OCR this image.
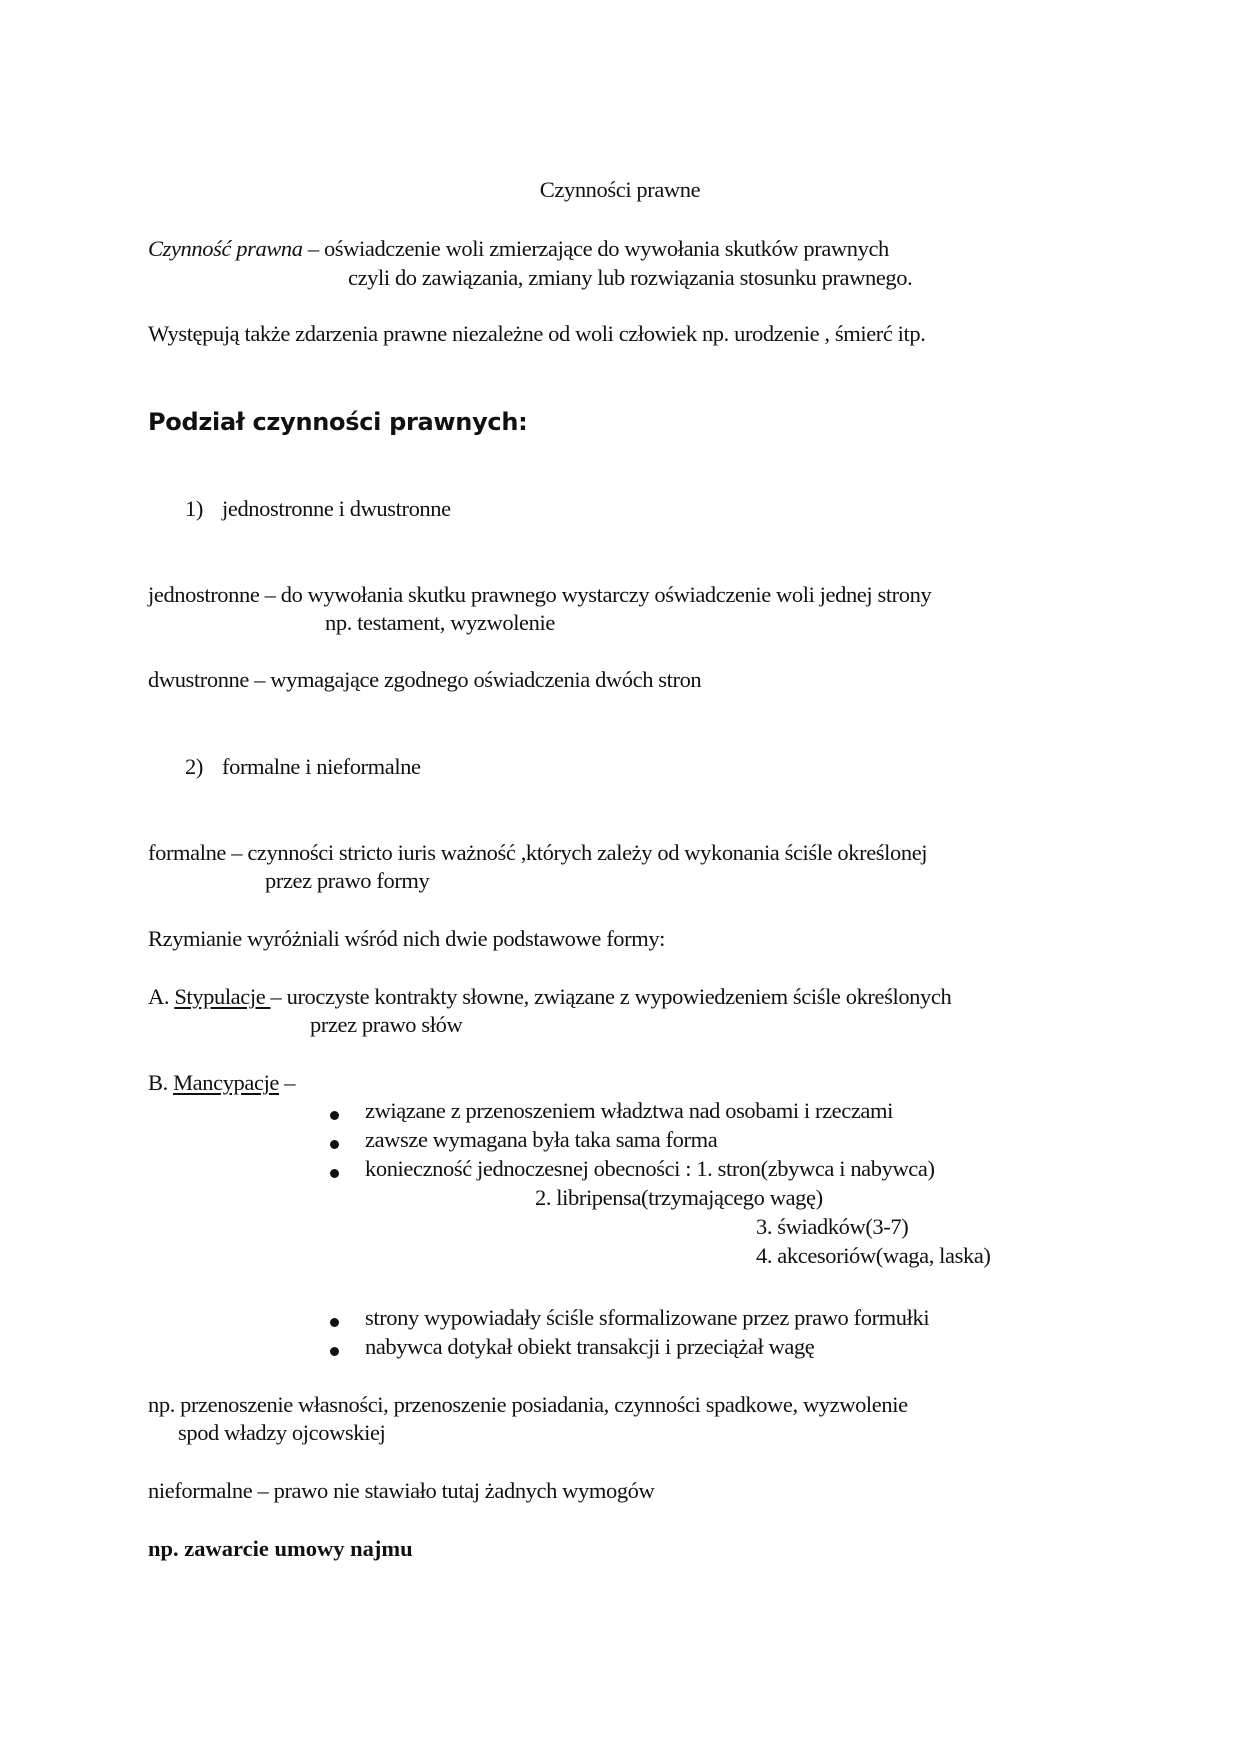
Czynności prawne
Czynność prawna – oświadczenie woli zmierzające do wywołania skutków prawnych
czyli do zawiązania, zmiany lub rozwiązania stosunku prawnego.
Występują także zdarzenia prawne niezależne od woli człowiek np. urodzenie , śmierć itp.
Podział czynności prawnych:
1) jednostronne i dwustronne
jednostronne – do wywołania skutku prawnego wystarczy oświadczenie woli jednej strony
np. testament, wyzwolenie
dwustronne – wymagające zgodnego oświadczenia dwóch stron
2) formalne i nieformalne
formalne – czynności stricto iuris ważność ,których zależy od wykonania ściśle określonej
przez prawo formy
Rzymianie wyróżniali wśród nich dwie podstawowe formy:
A. Stypulacje – uroczyste kontrakty słowne, związane z wypowiedzeniem ściśle określonych
przez prawo słów
B. Mancypacje –
związane z przenoszeniem władztwa nad osobami i rzeczami
zawsze wymagana była taka sama forma
konieczność jednoczesnej obecności : 1. stron(zbywca i nabywca)
2. libripensa(trzymającego wagę)
3. świadków(3-7)
4. akcesoriów(waga, laska)
strony wypowiadały ściśle sformalizowane przez prawo formułki
nabywca dotykał obiekt transakcji i przeciążał wagę
np. przenoszenie własności, przenoszenie posiadania, czynności spadkowe, wyzwolenie
spod władzy ojcowskiej
nieformalne – prawo nie stawiało tutaj żadnych wymogów
np. zawarcie umowy najmu
